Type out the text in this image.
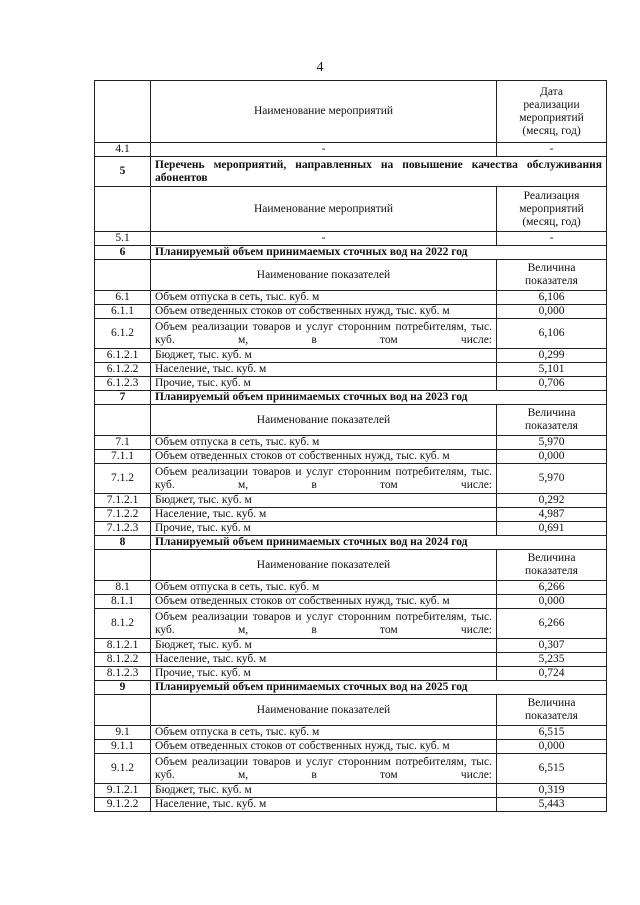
4
	Наименование мероприятий	Дата
реализации
мероприятий
(месяц, год)
4.1	-	-
5	Перечень мероприятий, направленных на повышение качества обслуживания абонентов	
	Наименование мероприятий	Реализация
мероприятий
(месяц, год)
5.1	-	-
6	Планируемый объем принимаемых сточных вод на 2022 год	
	Наименование показателей	Величина
показателя
6.1	Объем отпуска в сеть, тыс. куб. м	6,106
6.1.1	Объем отведенных стоков от собственных нужд, тыс. куб. м	0,000
6.1.2	Объем реализации товаров и услуг сторонним потребителям, тыс. куб. м, в том числе:	6,106
6.1.2.1	Бюджет, тыс. куб. м	0,299
6.1.2.2	Население, тыс. куб. м	5,101
6.1.2.3	Прочие, тыс. куб. м	0,706
7	Планируемый объем принимаемых сточных вод на 2023 год	
	Наименование показателей	Величина
показателя
7.1	Объем отпуска в сеть, тыс. куб. м	5,970
7.1.1	Объем отведенных стоков от собственных нужд, тыс. куб. м	0,000
7.1.2	Объем реализации товаров и услуг сторонним потребителям, тыс. куб. м, в том числе:	5,970
7.1.2.1	Бюджет, тыс. куб. м	0,292
7.1.2.2	Население, тыс. куб. м	4,987
7.1.2.3	Прочие, тыс. куб. м	0,691
8	Планируемый объем принимаемых сточных вод на 2024 год	
	Наименование показателей	Величина
показателя
8.1	Объем отпуска в сеть, тыс. куб. м	6,266
8.1.1	Объем отведенных стоков от собственных нужд, тыс. куб. м	0,000
8.1.2	Объем реализации товаров и услуг сторонним потребителям, тыс. куб. м, в том числе:	6,266
8.1.2.1	Бюджет, тыс. куб. м	0,307
8.1.2.2	Население, тыс. куб. м	5,235
8.1.2.3	Прочие, тыс. куб. м	0,724
9	Планируемый объем принимаемых сточных вод на 2025 год	
	Наименование показателей	Величина
показателя
9.1	Объем отпуска в сеть, тыс. куб. м	6,515
9.1.1	Объем отведенных стоков от собственных нужд, тыс. куб. м	0,000
9.1.2	Объем реализации товаров и услуг сторонним потребителям, тыс. куб. м, в том числе:	6,515
9.1.2.1	Бюджет, тыс. куб. м	0,319
9.1.2.2	Население, тыс. куб. м	5,443
